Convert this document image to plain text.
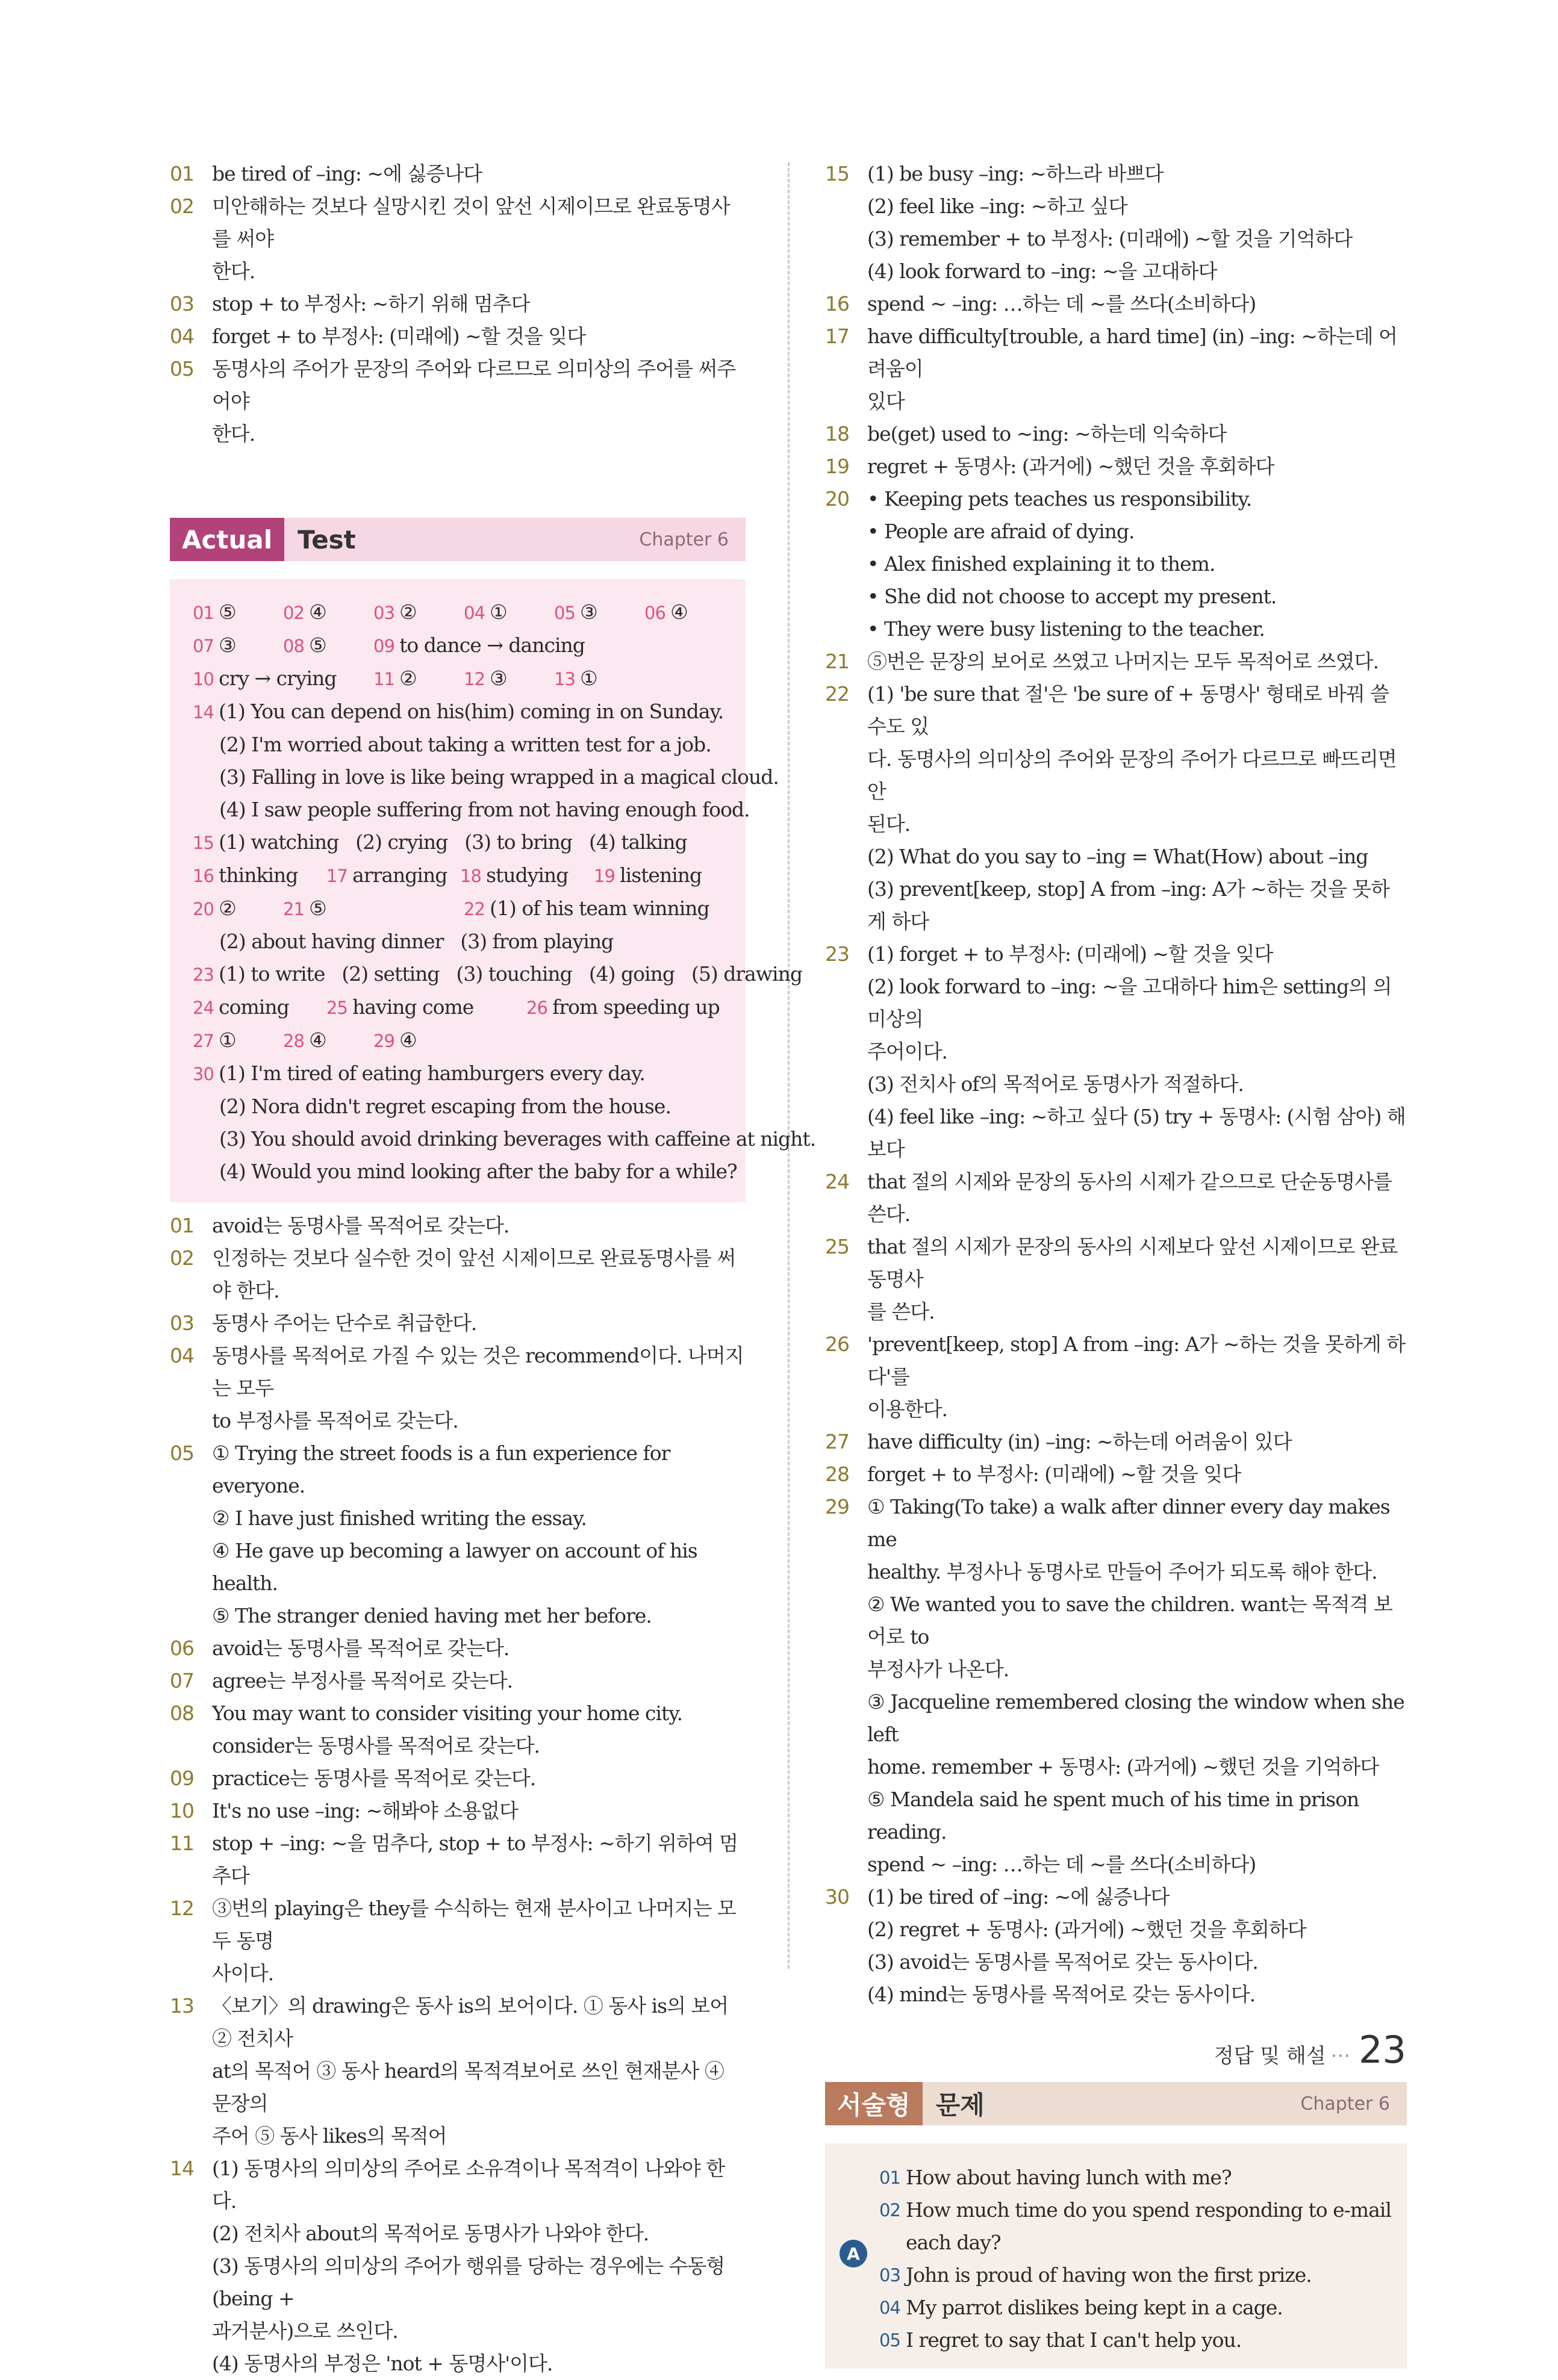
01 be tired of –ing: ~에 싫증나다
02 미안해하는 것보다 실망시킨 것이 앞선 시제이므로 완료동명사를 써야
한다.
03 stop + to 부정사: ~하기 위해 멈추다
04 forget + to 부정사: (미래에) ~할 것을 잊다
05 동명사의 주어가 문장의 주어와 다르므로 의미상의 주어를 써주어야
한다.
Actual	Test	Chapter 6
01 ⑤	02 ④	03 ②	04 ①	05 ③	06 ④
07 ③	08 ⑤	09 to dance → dancing
10 cry → crying 11 ②	12 ③	13 ①
14 (1) You can depend on his(him) coming in on Sunday.
(2) I'm worried about taking a written test for a job.
(3) Falling in love is like being wrapped in a magical cloud.
(4) I saw people suffering from not having enough food.
15 (1) watching (2) crying (3) to bring (4) talking
16 thinking 17 arranging 18 studying 19 listening
20 ②	21 ⑤	22 (1) of his team winning
(2) about having dinner (3) from playing
23 (1) to write (2) setting (3) touching (4) going (5) drawing
24 coming 25 having come	26 from speeding up
27 ①	28 ④	29 ④
30 (1) I'm tired of eating hamburgers every day.
(2) Nora didn't regret escaping from the house.
(3) You should avoid drinking beverages with caffeine at night.
(4) Would you mind looking after the baby for a while?
01 avoid는 동명사를 목적어로 갖는다.
02 인정하는 것보다 실수한 것이 앞선 시제이므로 완료동명사를 써야 한다.
03 동명사 주어는 단수로 취급한다.
04 동명사를 목적어로 가질 수 있는 것은 recommend이다. 나머지는 모두
to 부정사를 목적어로 갖는다.
05 ① Trying the street foods is a fun experience for everyone.
② I have just finished writing the essay.
④ He gave up becoming a lawyer on account of his health.
⑤ The stranger denied having met her before.
06 avoid는 동명사를 목적어로 갖는다.
07 agree는 부정사를 목적어로 갖는다.
08 You may want to consider visiting your home city.
consider는 동명사를 목적어로 갖는다.
09 practice는 동명사를 목적어로 갖는다.
10 It's no use –ing: ~해봐야 소용없다
11 stop + –ing: ~을 멈추다, stop + to 부정사: ~하기 위하여 멈추다
12 ③번의 playing은 they를 수식하는 현재 분사이고 나머지는 모두 동명
사이다.
13 〈보기〉의 drawing은 동사 is의 보어이다. ① 동사 is의 보어 ② 전치사
at의 목적어 ③ 동사 heard의 목적격보어로 쓰인 현재분사 ④ 문장의
주어 ⑤ 동사 likes의 목적어
14 (1) 동명사의 의미상의 주어로 소유격이나 목적격이 나와야 한다.
(2) 전치사 about의 목적어로 동명사가 나와야 한다.
(3) 동명사의 의미상의 주어가 행위를 당하는 경우에는 수동형(being +
과거분사)으로 쓰인다.
(4) 동명사의 부정은 'not + 동명사'이다.
15 (1) be busy –ing: ~하느라 바쁘다
(2) feel like –ing: ~하고 싶다
(3) remember + to 부정사: (미래에) ~할 것을 기억하다
(4) look forward to –ing: ~을 고대하다
16 spend ~ –ing: …하는 데 ~를 쓰다(소비하다)
17 have difficulty[trouble, a hard time] (in) –ing: ~하는데 어려움이
있다
18 be(get) used to ~ing: ~하는데 익숙하다
19 regret + 동명사: (과거에) ~했던 것을 후회하다
20 • Keeping pets teaches us responsibility.
• People are afraid of dying.
• Alex finished explaining it to them.
• She did not choose to accept my present.
• They were busy listening to the teacher.
21 ⑤번은 문장의 보어로 쓰였고 나머지는 모두 목적어로 쓰였다.
22 (1) 'be sure that 절'은 'be sure of + 동명사' 형태로 바꿔 쓸 수도 있
다. 동명사의 의미상의 주어와 문장의 주어가 다르므로 빠뜨리면 안
된다.
(2) What do you say to –ing = What(How) about –ing
(3) prevent[keep, stop] A from –ing: A가 ~하는 것을 못하게 하다
23 (1) forget + to 부정사: (미래에) ~할 것을 잊다
(2) look forward to –ing: ~을 고대하다 him은 setting의 의미상의
주어이다.
(3) 전치사 of의 목적어로 동명사가 적절하다.
(4) feel like –ing: ~하고 싶다 (5) try + 동명사: (시험 삼아) 해보다
24 that 절의 시제와 문장의 동사의 시제가 같으므로 단순동명사를 쓴다.
25 that 절의 시제가 문장의 동사의 시제보다 앞선 시제이므로 완료동명사
를 쓴다.
26 'prevent[keep, stop] A from –ing: A가 ~하는 것을 못하게 하다'를
이용한다.
27 have difficulty (in) –ing: ~하는데 어려움이 있다
28 forget + to 부정사: (미래에) ~할 것을 잊다
29 ① Taking(To take) a walk after dinner every day makes me
healthy. 부정사나 동명사로 만들어 주어가 되도록 해야 한다.
② We wanted you to save the children. want는 목적격 보어로 to
부정사가 나온다.
③ Jacqueline remembered closing the window when she left
home. remember + 동명사: (과거에) ~했던 것을 기억하다
⑤ Mandela said he spent much of his time in prison reading.
spend ~ –ing: …하는 데 ~를 쓰다(소비하다)
30 (1) be tired of –ing: ~에 싫증나다
(2) regret + 동명사: (과거에) ~했던 것을 후회하다
(3) avoid는 동명사를 목적어로 갖는 동사이다.
(4) mind는 동명사를 목적어로 갖는 동사이다.
서술형	문제	Chapter 6
A
01 How about having lunch with me?
02 How much time do you spend responding to e-mail
each day?
03 John is proud of having won the first prize.
04 My parrot dislikes being kept in a cage.
05 I regret to say that I can't help you.
정답 및 해설 ··· 23
